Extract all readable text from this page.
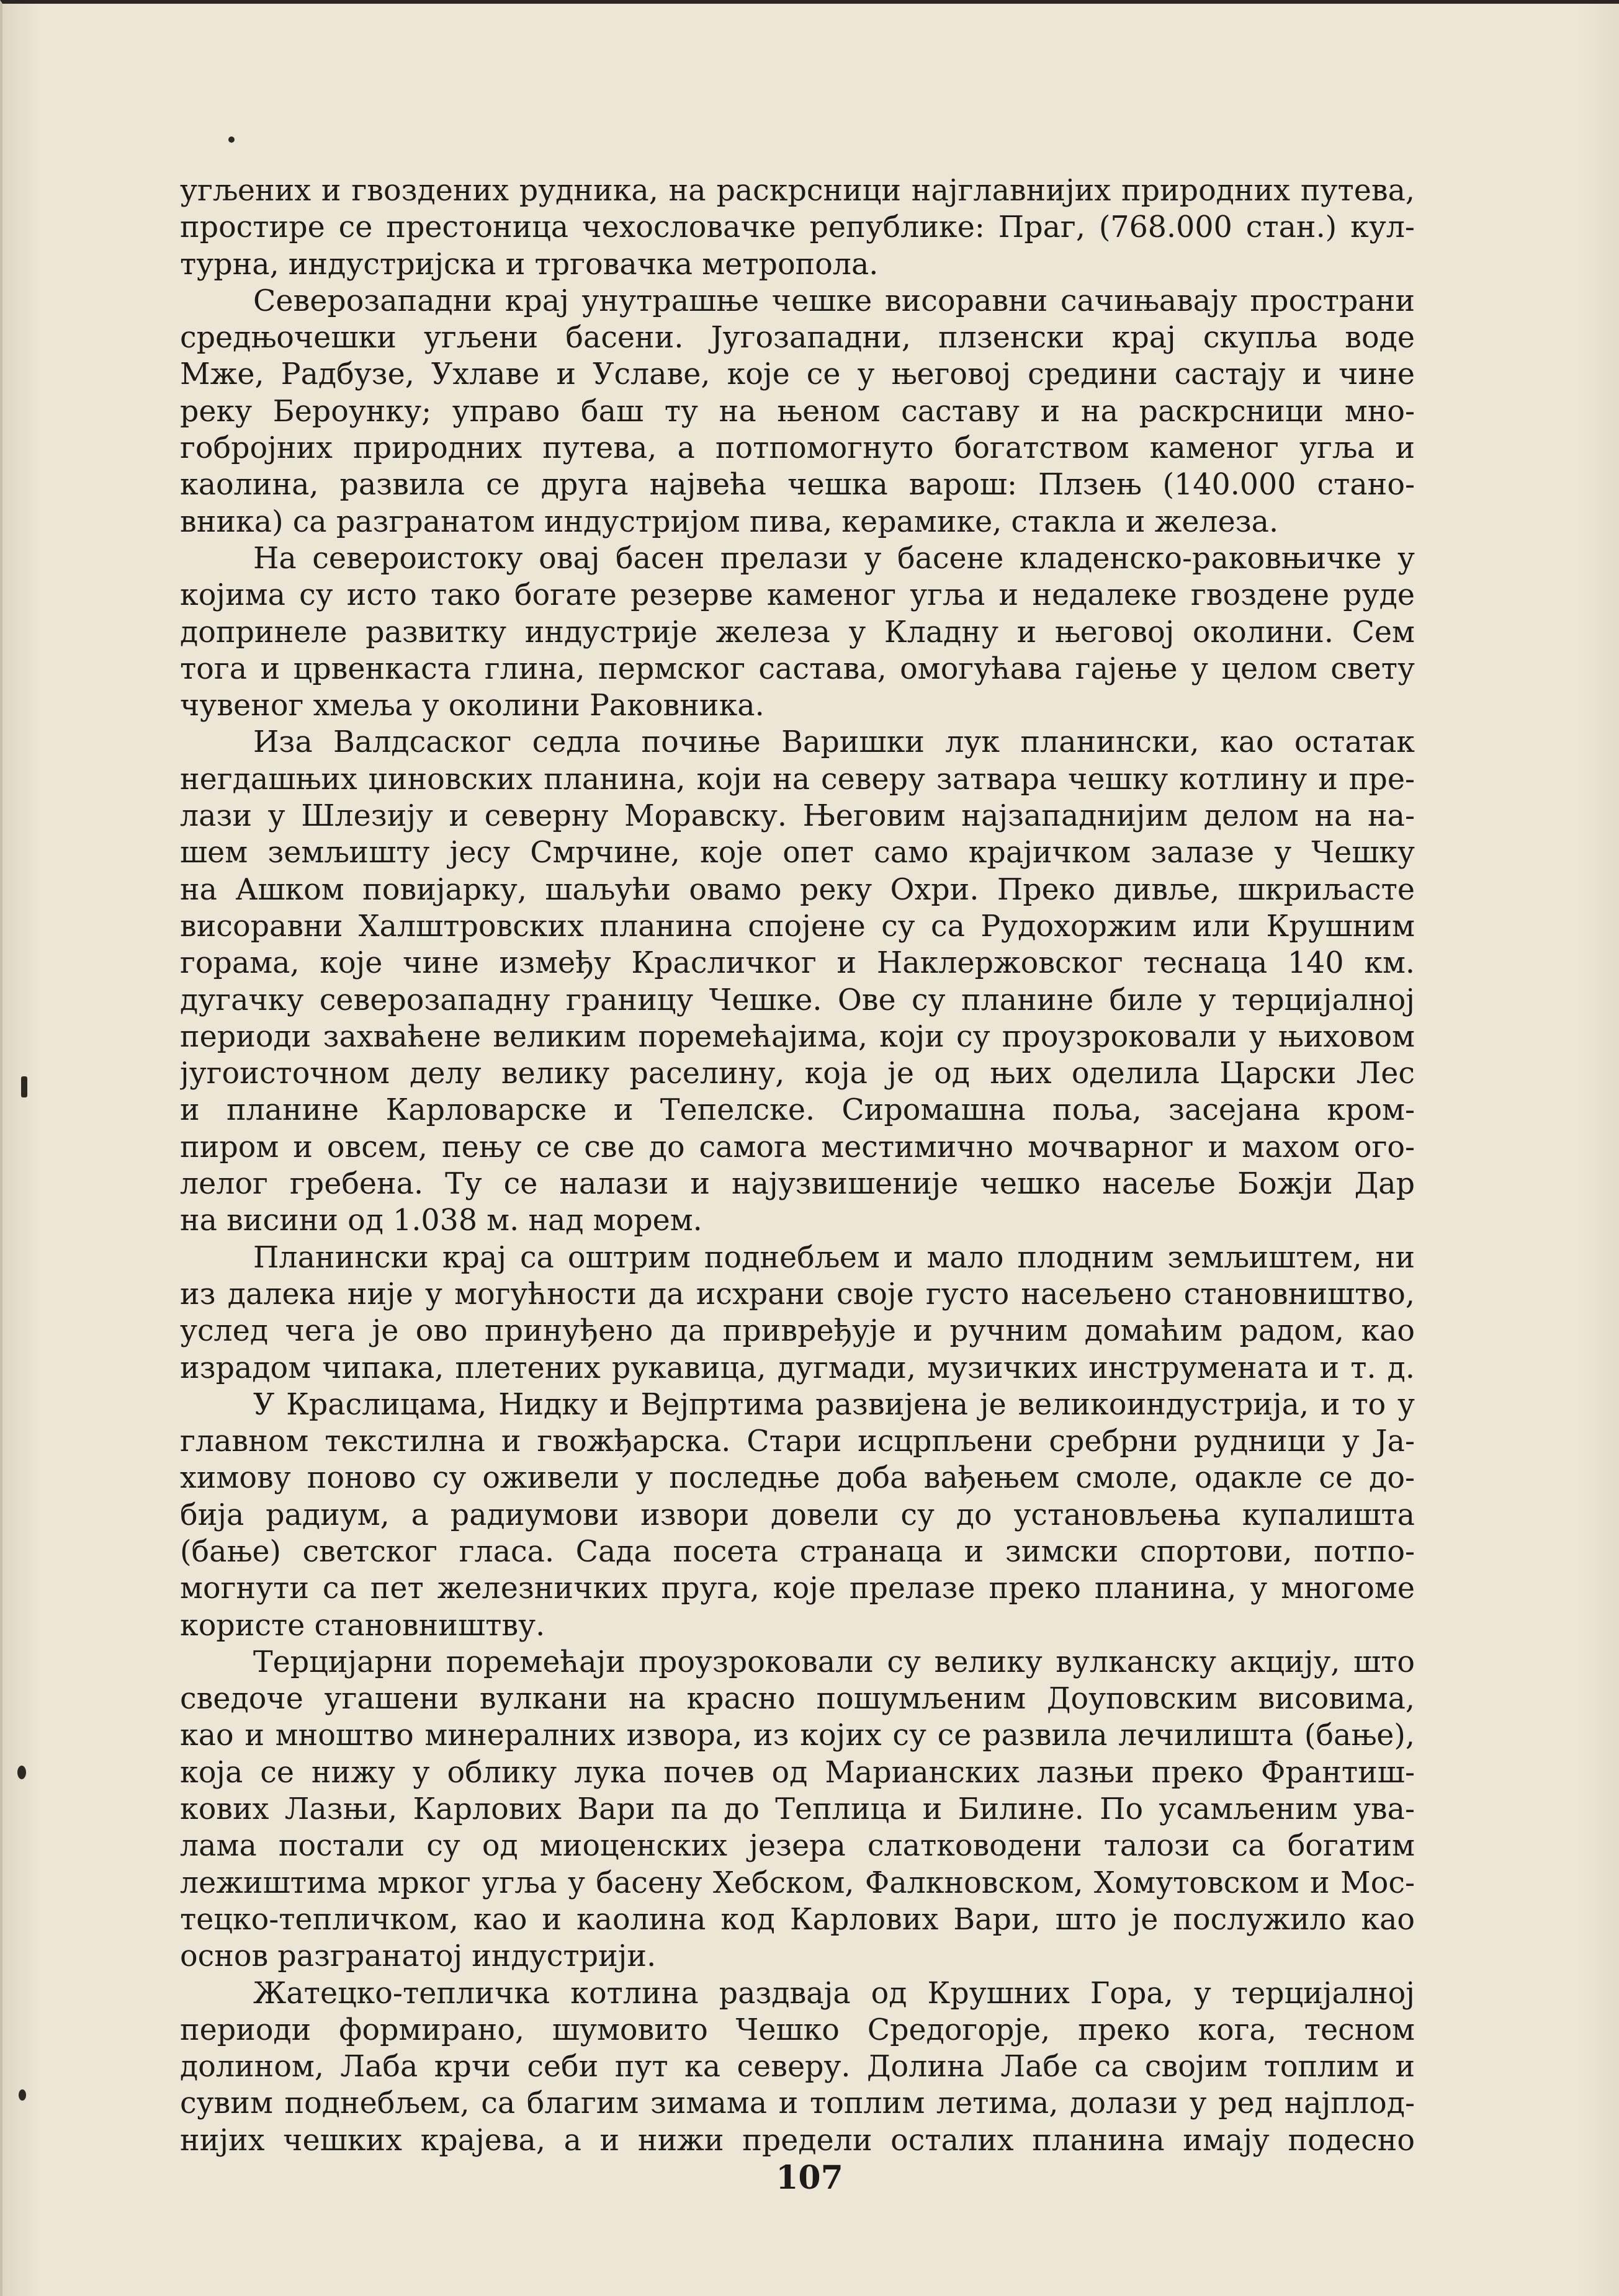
угљених и гвоздених рудника, на раскрсници најглавнијих природних путева,
простире се престоница чехословачке републике: Праг, (768.000 стан.) кул-
турна, индустријска и трговачка метропола.
Северозападни крај унутрашње чешке висоравни сачињавају пространи
средњочешки угљени басени. Југозападни, плзенски крај скупља воде
Мже, Радбузе, Ухлаве и Уславе, које се у његовој средини састају и чине
реку Бероунку; управо баш ту на њеном саставу и на раскрсници мно-
гобројних природних путева, а потпомогнуто богатством каменог угља и
каолина, развила се друга највећа чешка варош: Плзењ (140.000 стано-
вника) са разгранатом индустријом пива, керамике, стакла и железа.
На североистоку овај басен прелази у басене кладенско-раковњичке у
којима су исто тако богате резерве каменог угља и недалеке гвоздене руде
допринеле развитку индустрије железа у Кладну и његовој околини. Сем
тога и црвенкаста глина, пермског састава, омогућава гајење у целом свету
чувеног хмеља у околини Раковника.
Иза Валдсаског седла почиње Варишки лук планински, као остатак
негдашњих џиновских планина, који на северу затвара чешку котлину и пре-
лази у Шлезију и северну Моравску. Његовим најзападнијим делом на на-
шем земљишту јесу Смрчине, које опет само крајичком залазе у Чешку
на Ашком повијарку, шаљући овамо реку Охри. Преко дивље, шкриљасте
висоравни Халштровских планина спојене су са Рудохоржим или Крушним
горама, које чине између Красличког и Наклержовског теснаца 140 км.
дугачку северозападну границу Чешке. Ове су планине биле у терцијалној
периоди захваћене великим поремећајима, који су проузроковали у њиховом
југоисточном делу велику раселину, која је од њих оделила Царски Лес
и планине Карловарске и Тепелске. Сиромашна поља, засејана кром-
пиром и овсем, пењу се све до самога местимично мочварног и махом ого-
лелог гребена. Ту се налази и најузвишеније чешко насеље Божји Дар
на висини од 1.038 м. над морем.
Планински крај са оштрим поднебљем и мало плодним земљиштем, ни
из далека није у могућности да исхрани своје густо насељено становништво,
услед чега је ово принуђено да привређује и ручним домаћим радом, као
израдом чипака, плетених рукавица, дугмади, музичких инструмената и т. д.
У Краслицама, Нидку и Вејпртима развијена је великоиндустрија, и то у
главном текстилна и гвожђарска. Стари исцрпљени сребрни рудници у Ја-
химову поново су оживели у последње доба вађењем смоле, одакле се до-
бија радиум, а радиумови извори довели су до установљења купалишта
(бање) светског гласа. Сада посета странаца и зимски спортови, потпо-
могнути са пет железничких пруга, које прелазе преко планина, у многоме
користе становништву.
Терцијарни поремећаји проузроковали су велику вулканску акцију, што
сведоче угашени вулкани на красно пошумљеним Доуповским висовима,
као и мноштво минералних извора, из којих су се развила лечилишта (бање),
која се нижу у облику лука почев од Марианских лазњи преко Франтиш-
кових Лазњи, Карлових Вари па до Теплица и Билине. По усамљеним ува-
лама постали су од миоценских језера слатководени талози са богатим
лежиштима мрког угља у басену Хебском, Фалкновском, Хомутовском и Мос-
тецко-тепличком, као и каолина код Карлових Вари, што је послужило као
основ разгранатој индустрији.
Жатецко-тепличка котлина раздваја од Крушних Гора, у терцијалној
периоди формирано, шумовито Чешко Средогорје, преко кога, тесном
долином, Лаба крчи себи пут ка северу. Долина Лабе са својим топлим и
сувим поднебљем, са благим зимама и топлим летима, долази у ред најплод-
нијих чешких крајева, а и нижи предели осталих планина имају подесно
107
